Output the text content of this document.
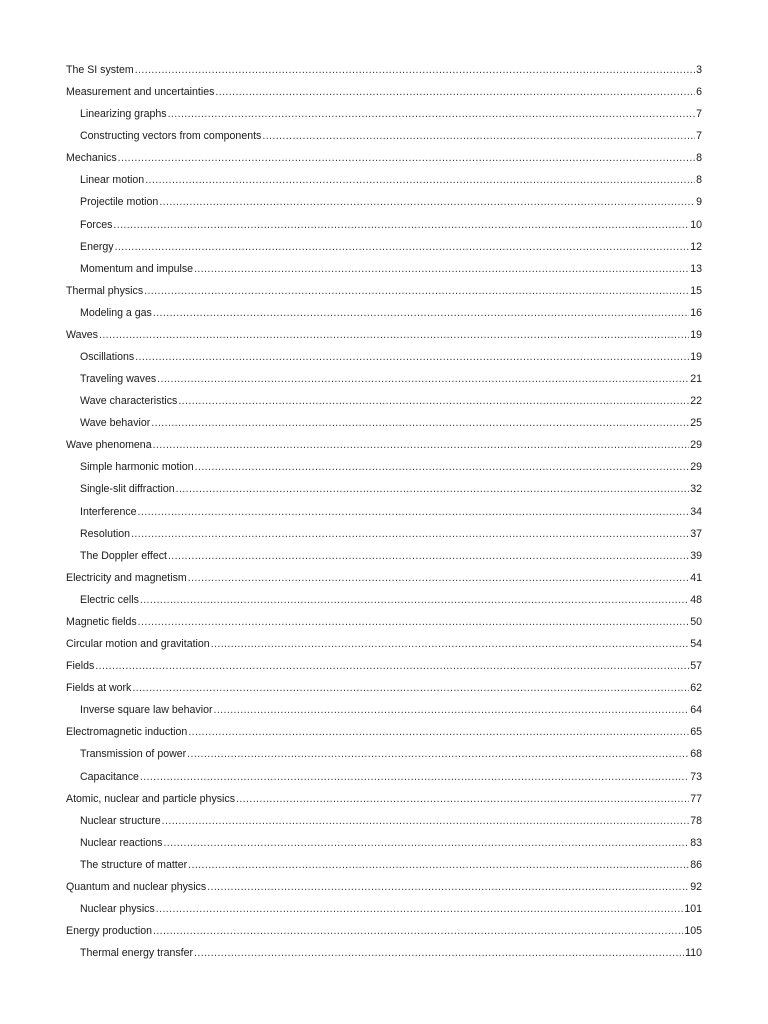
The SI system .....	3
Measurement and uncertainties .....	6
Linearizing graphs .....	7
Constructing vectors from components .....	7
Mechanics .....	8
Linear motion .....	8
Projectile motion .....	9
Forces .....	10
Energy .....	12
Momentum and impulse .....	13
Thermal physics .....	15
Modeling a gas .....	16
Waves .....	19
Oscillations .....	19
Traveling waves .....	21
Wave characteristics .....	22
Wave behavior .....	25
Wave phenomena .....	29
Simple harmonic motion .....	29
Single-slit diffraction .....	32
Interference .....	34
Resolution .....	37
The Doppler effect .....	39
Electricity and magnetism .....	41
Electric cells .....	48
Magnetic fields .....	50
Circular motion and gravitation .....	54
Fields .....	57
Fields at work .....	62
Inverse square law behavior .....	64
Electromagnetic induction .....	65
Transmission of power .....	68
Capacitance .....	73
Atomic, nuclear and particle physics .....	77
Nuclear structure .....	78
Nuclear reactions .....	83
The structure of matter .....	86
Quantum and nuclear physics .....	92
Nuclear physics .....	101
Energy production .....	105
Thermal energy transfer .....	110
